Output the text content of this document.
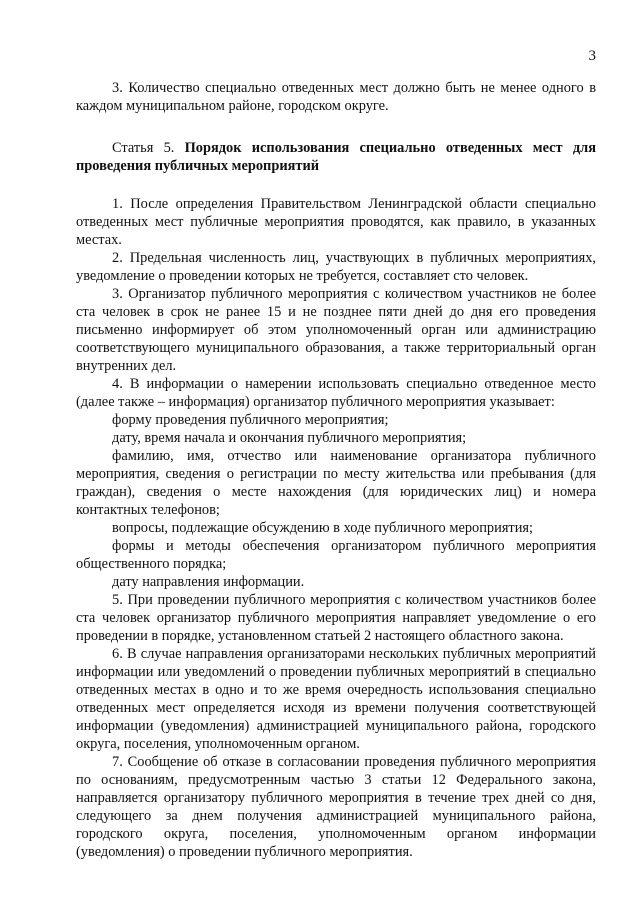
3

3. Количество специально отведенных мест должно быть не менее одного в каждом муниципальном районе, городском округе.

Статья 5. Порядок использования специально отведенных мест для проведения публичных мероприятий

1. После определения Правительством Ленинградской области специально отведенных мест публичные мероприятия проводятся, как правило, в указанных местах.

2. Предельная численность лиц, участвующих в публичных мероприятиях, уведомление о проведении которых не требуется, составляет сто человек.

3. Организатор публичного мероприятия с количеством участников не более ста человек в срок не ранее 15 и не позднее пяти дней до дня его проведения письменно информирует об этом уполномоченный орган или администрацию соответствующего муниципального образования, а также территориальный орган внутренних дел.

4. В информации о намерении использовать специально отведенное место (далее также – информация) организатор публичного мероприятия указывает:

форму проведения публичного мероприятия;

дату, время начала и окончания публичного мероприятия;

фамилию, имя, отчество или наименование организатора публичного мероприятия, сведения о регистрации по месту жительства или пребывания (для граждан), сведения о месте нахождения (для юридических лиц) и номера контактных телефонов;

вопросы, подлежащие обсуждению в ходе публичного мероприятия;

формы и методы обеспечения организатором публичного мероприятия общественного порядка;

дату направления информации.

5. При проведении публичного мероприятия с количеством участников более ста человек организатор публичного мероприятия направляет уведомление о его проведении в порядке, установленном статьей 2 настоящего областного закона.

6. В случае направления организаторами нескольких публичных мероприятий информации или уведомлений о проведении публичных мероприятий в специально отведенных местах в одно и то же время очередность использования специально отведенных мест определяется исходя из времени получения соответствующей информации (уведомления) администрацией муниципального района, городского округа, поселения, уполномоченным органом.

7. Сообщение об отказе в согласовании проведения публичного мероприятия по основаниям, предусмотренным частью 3 статьи 12 Федерального закона, направляется организатору публичного мероприятия в течение трех дней со дня, следующего за днем получения администрацией муниципального района, городского округа, поселения, уполномоченным органом информации (уведомления) о проведении публичного мероприятия.
